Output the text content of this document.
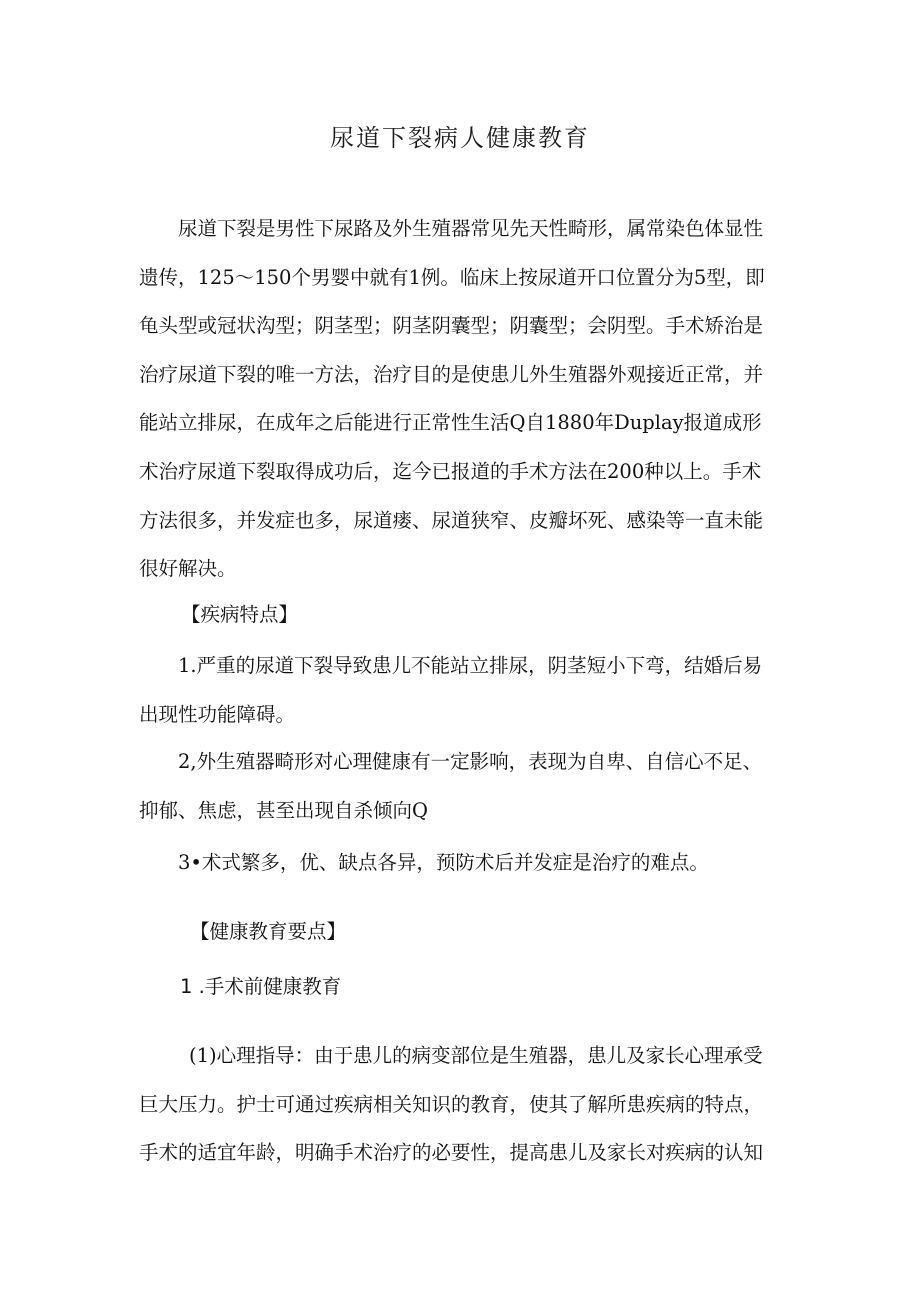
尿道下裂病人健康教育
尿道下裂是男性下尿路及外生殖器常见先天性畸形，属常染色体显性
遗传，125～150个男婴中就有1例。临床上按尿道开口位置分为5型，即
龟头型或冠状沟型；阴茎型；阴茎阴囊型；阴囊型；会阴型。手术矫治是
治疗尿道下裂的唯一方法，治疗目的是使患儿外生殖器外观接近正常，并
能站立排尿，在成年之后能进行正常性生活Q自1880年Duplay报道成形
术治疗尿道下裂取得成功后，迄今已报道的手术方法在200种以上。手术
方法很多，并发症也多，尿道瘘、尿道狭窄、皮瓣坏死、感染等一直未能
很好解决。

【疾病特点】

1.严重的尿道下裂导致患儿不能站立排尿，阴茎短小下弯，结婚后易
出现性功能障碍。
2,外生殖器畸形对心理健康有一定影响，表现为自卑、自信心不足、
抑郁、焦虑，甚至出现自杀倾向Q

3•术式繁多，优、缺点各异，预防术后并发症是治疗的难点。

【健康教育要点】

1 .手术前健康教育

(1)心理指导：由于患儿的病变部位是生殖器，患儿及家长心理承受
巨大压力。护士可通过疾病相关知识的教育，使其了解所患疾病的特点，
手术的适宜年龄，明确手术治疗的必要性，提高患儿及家长对疾病的认知
